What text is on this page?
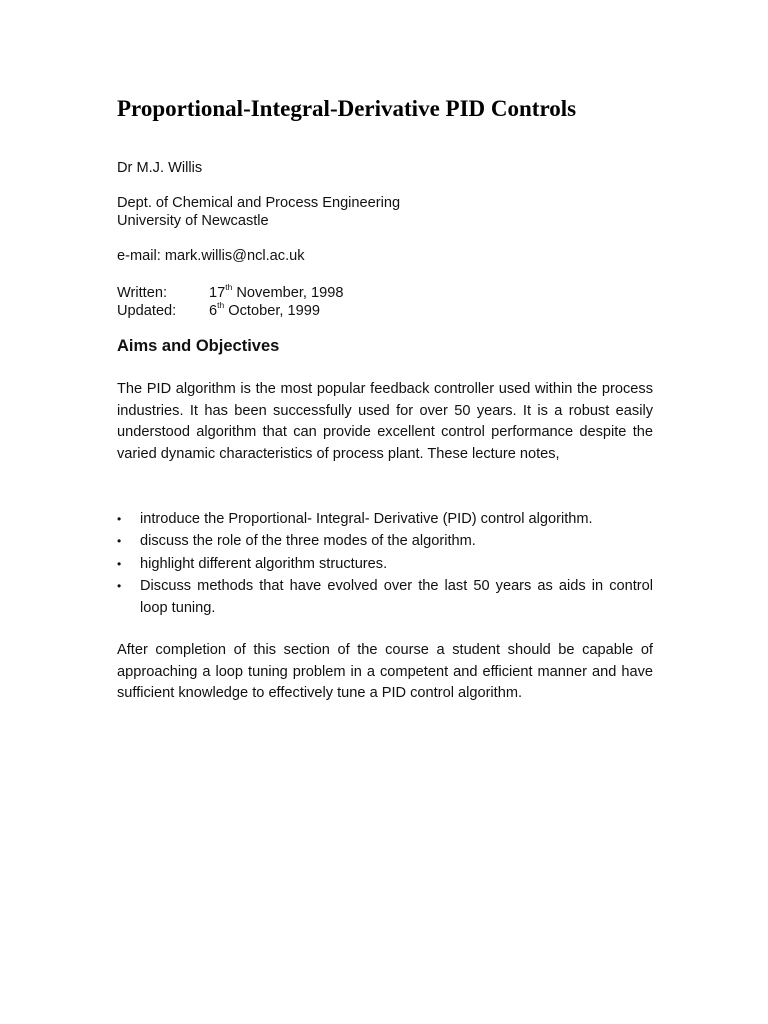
Proportional-Integral-Derivative PID Controls
Dr M.J. Willis
Dept. of Chemical and Process Engineering
University of Newcastle
e-mail: mark.willis@ncl.ac.uk
Written:	17th November, 1998
Updated: 6th October, 1999
Aims and Objectives

The PID algorithm is the most popular feedback controller used within the process industries. It has been successfully used for over 50 years. It is a robust easily understood algorithm that can provide excellent control performance despite the varied dynamic characteristics of process plant. These lecture notes,

• introduce the Proportional- Integral- Derivative (PID) control algorithm.
• discuss the role of the three modes of the algorithm.
• highlight different algorithm structures.
• Discuss methods that have evolved over the last 50 years as aids in control loop tuning.

After completion of this section of the course a student should be capable of approaching a loop tuning problem in a competent and efficient manner and have sufficient knowledge to effectively tune a PID control algorithm.
